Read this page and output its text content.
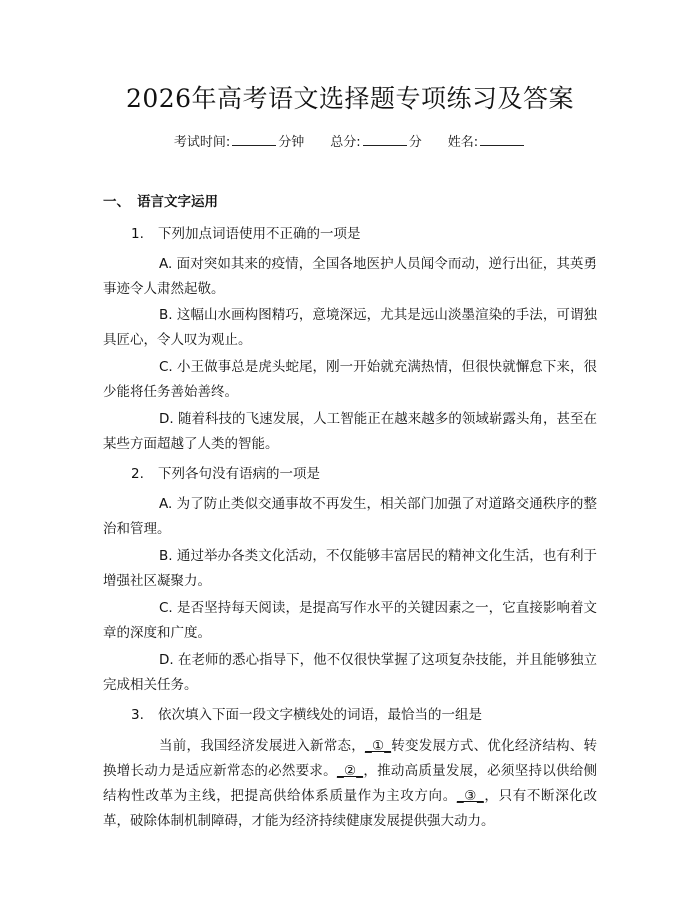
2026年高考语文选择题专项练习及答案
考试时间:	分钟 总分:	分 姓名:
一、 语言文字运用
1. 下列加点词语使用不正确的一项是
A. 面对突如其来的疫情，全国各地医护人员闻令而动，逆行出征，其英勇事迹令人肃然起敬。
B. 这幅山水画构图精巧，意境深远，尤其是远山淡墨渲染的手法，可谓独具匠心，令人叹为观止。
C. 小王做事总是虎头蛇尾，刚一开始就充满热情，但很快就懈怠下来，很少能将任务善始善终。
D. 随着科技的飞速发展，人工智能正在越来越多的领域崭露头角，甚至在某些方面超越了人类的智能。
2. 下列各句没有语病的一项是
A. 为了防止类似交通事故不再发生，相关部门加强了对道路交通秩序的整治和管理。
B. 通过举办各类文化活动，不仅能够丰富居民的精神文化生活，也有利于增强社区凝聚力。
C. 是否坚持每天阅读，是提高写作水平的关键因素之一，它直接影响着文章的深度和广度。
D. 在老师的悉心指导下，他不仅很快掌握了这项复杂技能，并且能够独立完成相关任务。
3. 依次填入下面一段文字横线处的词语，最恰当的一组是
当前，我国经济发展进入新常态，_①_转变发展方式、优化经济结构、转换增长动力是适应新常态的必然要求。_②_，推动高质量发展，必须坚持以供给侧结构性改革为主线，把提高供给体系质量作为主攻方向。_③_，只有不断深化改革，破除体制机制障碍，才能为经济持续健康发展提供强大动力。
